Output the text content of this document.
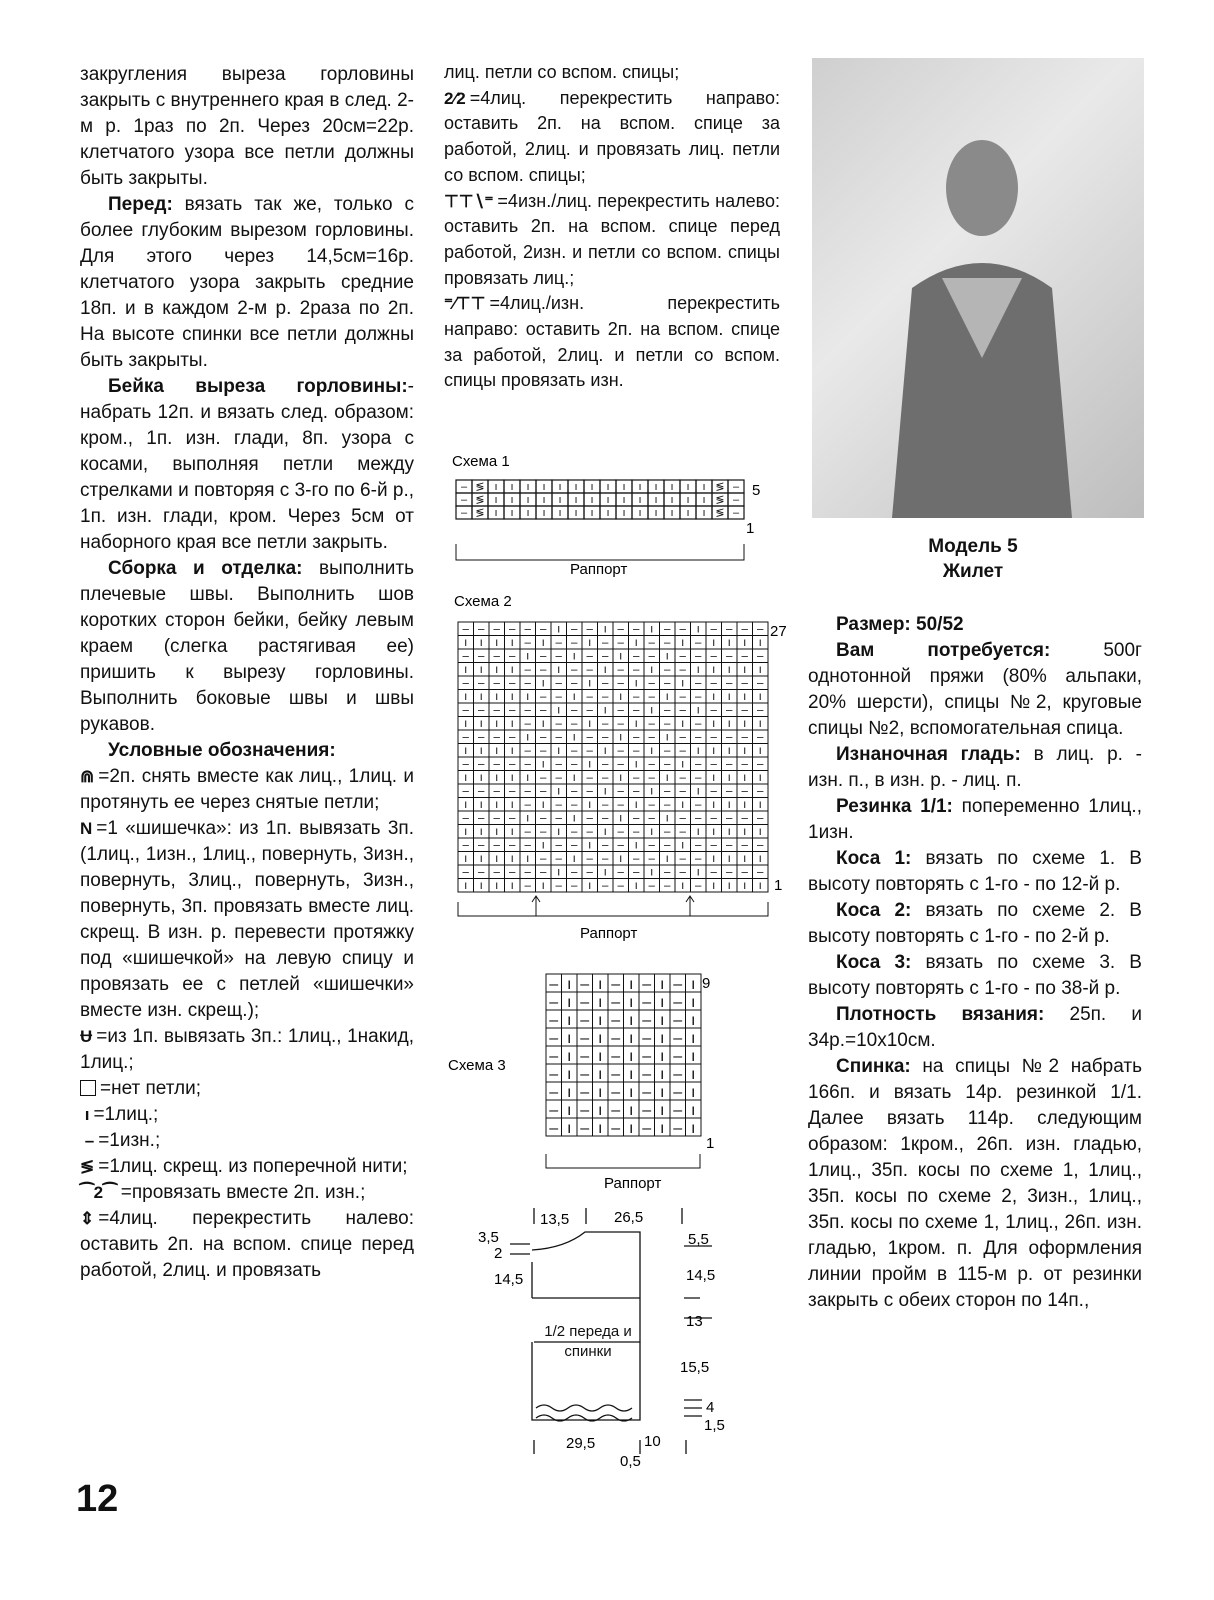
закругления выреза горловины закрыть с внутреннего края в след. 2-м р. 1раз по 2п. Через 20см=22р. клетчатого узора все петли должны быть закрыты.

Перед: вязать так же, только с более глубоким вырезом горловины. Для этого через 14,5см=16р. клетчатого узора закрыть средние 18п. и в каждом 2-м р. 2раза по 2п. На высоте спинки все петли должны быть закрыты.

Бейка выреза горловины:- набрать 12п. и вязать след. образом: кром., 1п. изн. глади, 8п. узора с косами, выполняя петли между стрелками и повторяя с 3-го по 6-й р., 1п. изн. глади, кром. Через 5см от наборного края все петли закрыть.

Сборка и отделка: выполнить плечевые швы. Выполнить шов коротких сторон бейки, бейку левым краем (слегка растягивая ее) пришить к вырезу горловины. Выполнить боковые швы и швы рукавов.

Условные обозначения:

⋒ =2п. снять вместе как лиц., 1лиц. и протянуть ее через снятые петли;

N =1 «шишечка»: из 1п. вывязать 3п. (1лиц., 1изн., 1лиц., повернуть, 3изн., повернуть, 3лиц., повернуть, 3изн., повернуть, 3п. провязать вместе лиц. скрещ. В изн. р. перевести протяжку под «шишечкой» на левую спицу и провязать ее с петлей «шишечки» вместе изн. скрещ.);

Ʉ =из 1п. вывязать 3п.: 1лиц., 1накид, 1лиц.;

=нет петли;

ı =1лиц.;

– =1изн.;

≶ =1лиц. скрещ. из поперечной нити;

⁀2⁀ =провязать вместе 2п. изн.;

⇕ =4лиц. перекрестить налево: оставить 2п. на вспом. спице перед работой, 2лиц. и провязать

лиц. петли со вспом. спицы;

2⁄2 =4лиц. перекрестить направо: оставить 2п. на вспом. спице за работой, 2лиц. и провязать лиц. петли со вспом. спицы;

⊤⊤∖⁼ =4изн./лиц. перекрестить налево: оставить 2п. на вспом. спице перед работой, 2изн. и петли со вспом. спицы провязать лиц.;

⁼⁄⊤⊤ =4лиц./изн. перекрестить направо: оставить 2п. на вспом. спице за работой, 2лиц. и петли со вспом. спицы провязать изн.

Схема 1
– ≶ ı ı ı ı ı ı ı ı ı ı ı ı ı ı ≶ –
– ≶ ı ı ı ı ı ı ı ı ı ı ı ı ı ı ≶ –
– ≶ ı ı ı ı ı ı ı ı ı ı ı ı ı ı ≶ –
5
1
Раппорт
Схема 2
– – – – – – ı – – ı – – ı – – ı – – – –
ı ı ı ı – ı – – ı – – ı – – ı – ı ı ı ı
– – – – ı – – ı – – ı – – ı – – – – – –
ı ı ı ı – – ı – – ı – – ı – – ı ı ı ı ı
– – – – – ı – – ı – – ı – – ı – – – – –
ı ı ı ı ı – – ı – – ı – – ı – – ı ı ı ı
– – – – – – ı – – ı – – ı – – ı – – – –
ı ı ı ı – ı – – ı – – ı – – ı – ı ı ı ı
– – – – ı – – ı – – ı – – ı – – – – – –
ı ı ı ı – – ı – – ı – – ı – – ı ı ı ı ı
– – – – – ı – – ı – – ı – – ı – – – – –
ı ı ı ı ı – – ı – – ı – – ı – – ı ı ı ı
– – – – – – ı – – ı – – ı – – ı – – – –
ı ı ı ı – ı – – ı – – ı – – ı – ı ı ı ı
– – – – ı – – ı – – ı – – ı – – – – – –
ı ı ı ı – – ı – – ı – – ı – – ı ı ı ı ı
– – – – – ı – – ı – – ı – – ı – – – – –
ı ı ı ı ı – – ı – – ı – – ı – – ı ı ı ı
– – – – – – ı – – ı – – ı – – ı – – – –
ı ı ı ı – ı – – ı – – ı – – ı – ı ı ı ı
27
1
Раппорт
Схема 3
– ı – ı – ı – ı – ı
– ı – ı – ı – ı – ı
– ı – ı – ı – ı – ı
– ı – ı – ı – ı – ı
– ı – ı – ı – ı – ı
– ı – ı – ı – ı – ı
– ı – ı – ı – ı – ı
– ı – ı – ı – ı – ı
– ı – ı – ı – ı – ı
9
1
Раппорт
13,5	26,5
3,5
2
5,5
14,5	14,5
13
15,5
4
1,5
29,5	10
0,5
1/2 переда и спинки
Модель 5
Жилет

Размер: 50/52

Вам потребуется: 500г однотонной пряжи (80% альпаки, 20% шерсти), спицы №2, круговые спицы №2, вспомогательная спица.

Изнаночная гладь: в лиц. р. - изн. п., в изн. р. - лиц. п.

Резинка 1/1: попеременно 1лиц., 1изн.

Коса 1: вязать по схеме 1. В высоту повторять с 1-го - по 12-й р.

Коса 2: вязать по схеме 2. В высоту повторять с 1-го - по 2-й р.

Коса 3: вязать по схеме 3. В высоту повторять с 1-го - по 38-й р.

Плотность вязания: 25п. и 34р.=10х10см.

Спинка: на спицы №2 набрать 166п. и вязать 14р. резинкой 1/1. Далее вязать 114р. следующим образом: 1кром., 26п. изн. гладью, 1лиц., 35п. косы по схеме 1, 1лиц., 35п. косы по схеме 2, 3изн., 1лиц., 35п. косы по схеме 1, 1лиц., 26п. изн. гладью, 1кром. п. Для оформления линии пройм в 115-м р. от резинки закрыть с обеих сторон по 14п.,

12
